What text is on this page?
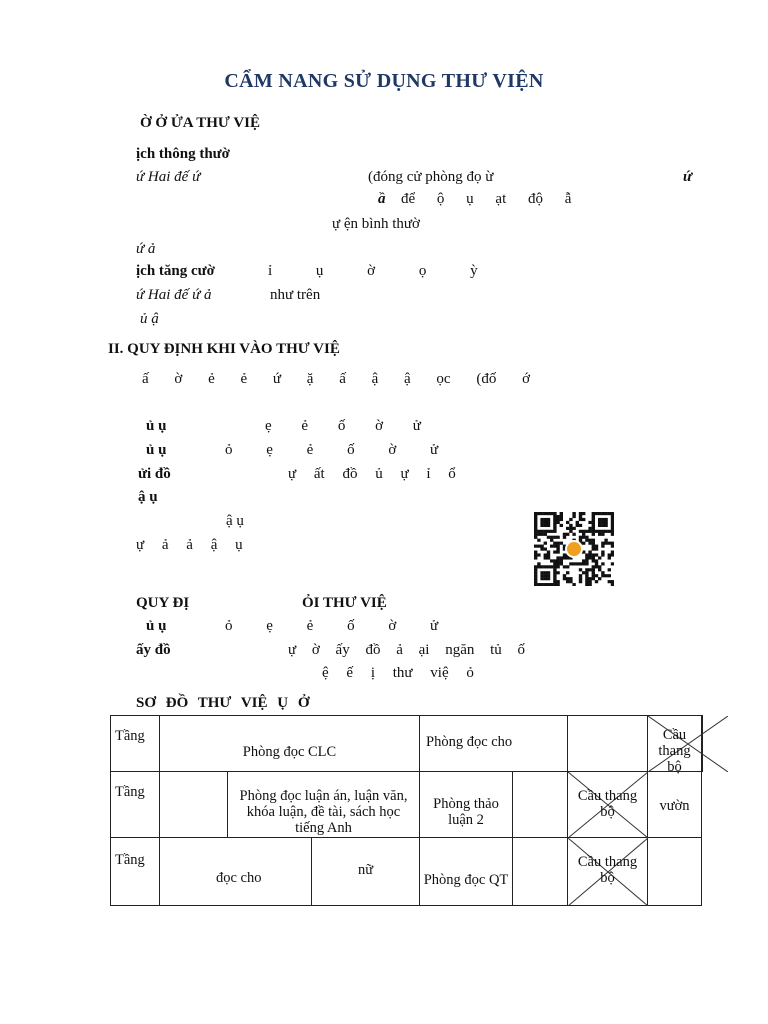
CẨM NANG SỬ DỤNG THƯ VIỆN
Ờ Ở ỬA THƯ VIỆ
ịch thông thườ
ứ Hai đế ứ	(đóng cử phòng đọ ừ	ứ
ầ để ộ ụ ạt độ ẫ
ự ện bình thườ
ứ ả
ịch tăng cườ	ỉ ụ ờ ọ ỳ
ứ Hai đế ứ ả	như trên
ủ ậ
II. QUY ĐỊNH KHI VÀO THƯ VIỆ
ấ ờ ẻ ẻ ứ ặ ấ ậ ậ ọc (đố ớ
ủ ụ	ẹ ẻ ố ờ ử
ủ ụ	ỏ ẹ ẻ ố ờ ử
ửi đồ	ự ất đồ ủ ự ỉ ổ
ậ ụ
ậ ụ
ự ả ả ậ ụ
QUY ĐỊ	ỎI THƯ VIỆ
ủ ụ	ỏ ẹ ẻ ố ờ ử
ấy đồ	ự ờ ấy đồ ả ại ngăn tủ ố
ệ ế ị thư việ ỏ
SƠ ĐỒ THƯ VIỆ Ụ Ở
Tầng	Phòng đọc CLC			Phòng đọc cho			Cầu thang bộ	

Tầng		Phòng đọc luận án, luận văn, khóa luận, đề tài, sách học tiếng Anh		Phòng thảo luận 2		Cầu thang bộ	vườn	

Tầng	đọc cho		nữ	Phòng đọc QT		Cầu thang bộ		
